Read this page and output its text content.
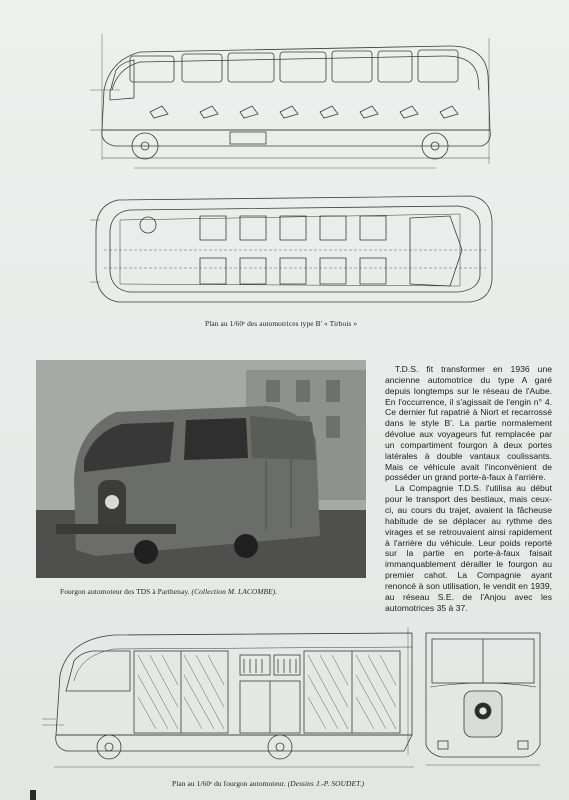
Plan au 1/60ᵉ des automotrices type B' « Tirbois »
Fourgon automoteur des TDS à Parthenay. (Collection M. LACOMBE).

T.D.S. fit transformer en 1936 une ancienne automotrice du type A garé depuis longtemps sur le réseau de l'Aube. En l'occurrence, il s'agissait de l'engin n° 4. Ce dernier fut rapatrié à Niort et recarrossé dans le style B'. La partie normalement dévolue aux voyageurs fut remplacée par un compartiment fourgon à deux portes latérales à double vantaux coulissants. Mais ce véhicule avait l'inconvénient de posséder un grand porte-à-faux à l'arrière.

La Compagnie T.D.S. l'utilisa au début pour le transport des bestiaux, mais ceux-ci, au cours du trajet, avaient la fâcheuse habitude de se déplacer au rythme des virages et se retrouvaient ainsi rapidement à l'arrière du véhicule. Leur poids reporté sur la partie en porte-à-faux faisait immanquablement dérailler le fourgon au premier cahot. La Compagnie ayant renoncé à son utilisation, le vendit en 1939, au réseau S.E. de l'Anjou avec les automotrices 35 à 37.

Plan au 1/60ᵉ du fourgon automoteur. (Dessins J.-P. SOUDET.)
